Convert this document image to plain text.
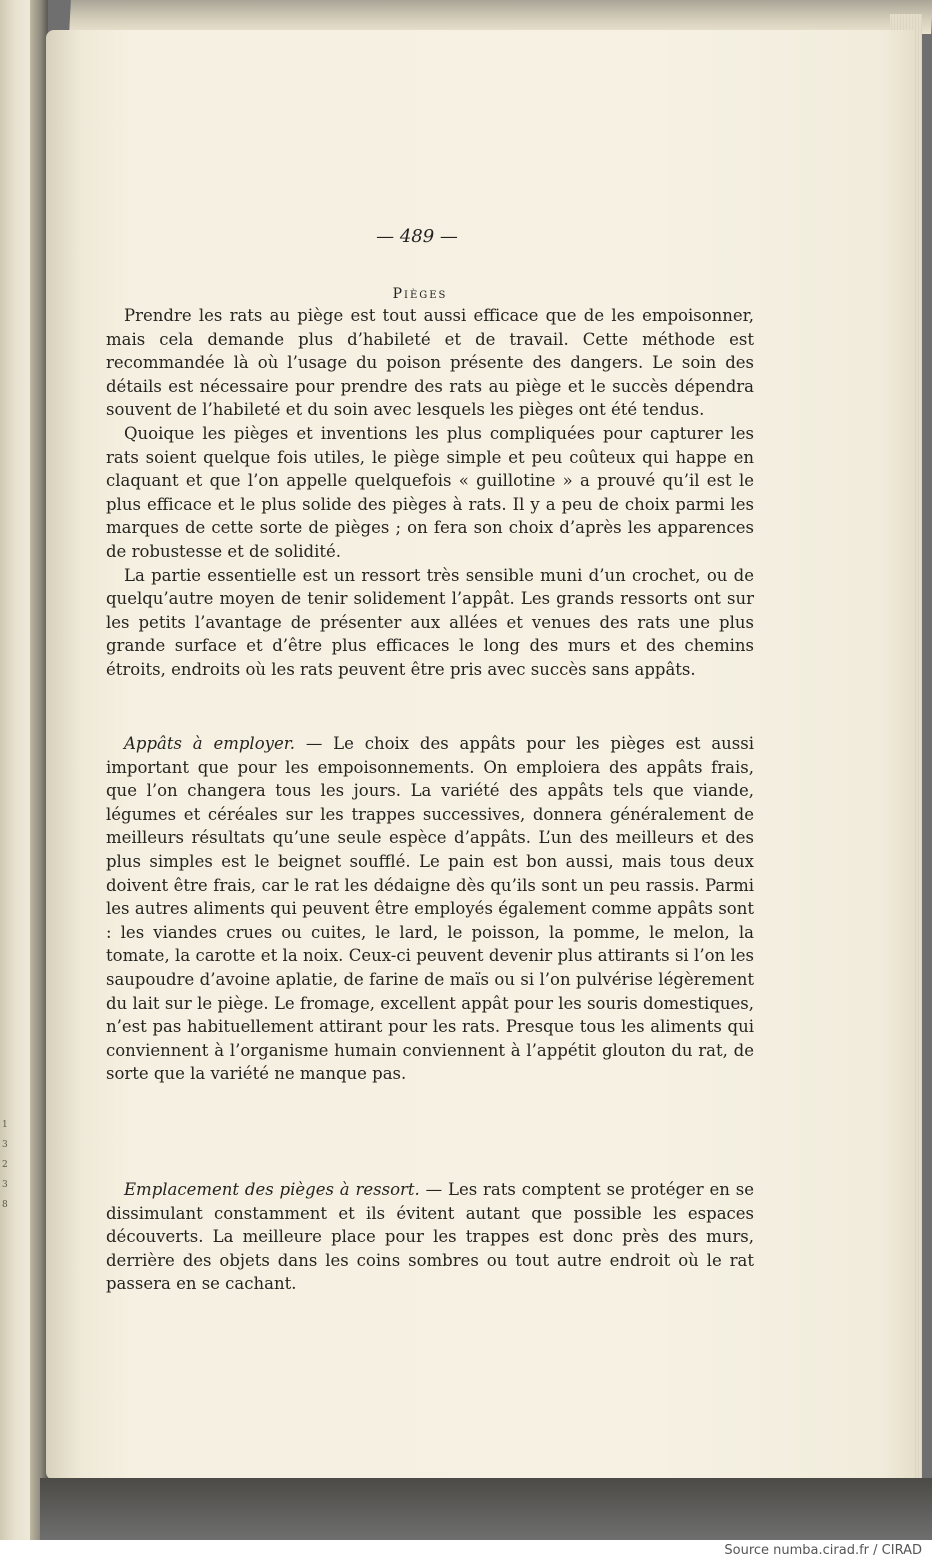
1
3
2
3
8
— 489 —
Pièges

Prendre les rats au piège est tout aussi efficace que de les empoisonner, mais cela demande plus d’habileté et de travail. Cette méthode est recommandée là où l’usage du poison présente des dangers. Le soin des détails est nécessaire pour prendre des rats au piège et le succès dépendra souvent de l’habileté et du soin avec lesquels les pièges ont été tendus.

Quoique les pièges et inventions les plus compliquées pour capturer les rats soient quelque fois utiles, le piège simple et peu coûteux qui happe en claquant et que l’on appelle quelquefois « guillotine » a prouvé qu’il est le plus efficace et le plus solide des pièges à rats. Il y a peu de choix parmi les marques de cette sorte de pièges ; on fera son choix d’après les apparences de robustesse et de solidité.

La partie essentielle est un ressort très sensible muni d’un crochet, ou de quelqu’autre moyen de tenir solidement l’appât. Les grands ressorts ont sur les petits l’avantage de présenter aux allées et venues des rats une plus grande surface et d’être plus efficaces le long des murs et des chemins étroits, endroits où les rats peuvent être pris avec succès sans appâts.

Appâts à employer. — Le choix des appâts pour les pièges est aussi important que pour les empoisonnements. On emploiera des appâts frais, que l’on changera tous les jours. La variété des appâts tels que viande, légumes et céréales sur les trappes successives, donnera généralement de meilleurs résultats qu’une seule espèce d’appâts. L’un des meilleurs et des plus simples est le beignet soufflé. Le pain est bon aussi, mais tous deux doivent être frais, car le rat les dédaigne dès qu’ils sont un peu rassis. Parmi les autres aliments qui peuvent être employés également comme appâts sont : les viandes crues ou cuites, le lard, le poisson, la pomme, le melon, la tomate, la carotte et la noix. Ceux-ci peuvent devenir plus attirants si l’on les saupoudre d’avoine aplatie, de farine de maïs ou si l’on pulvérise légèrement du lait sur le piège. Le fromage, excellent appât pour les souris domestiques, n’est pas habituellement attirant pour les rats. Presque tous les aliments qui conviennent à l’organisme humain conviennent à l’appétit glouton du rat, de sorte que la variété ne manque pas.

Emplacement des pièges à ressort. — Les rats comptent se protéger en se dissimulant constamment et ils évitent autant que possible les espaces découverts. La meilleure place pour les trappes est donc près des murs, derrière des objets dans les coins sombres ou tout autre endroit où le rat passera en se cachant.

Source numba.cirad.fr / CIRAD
